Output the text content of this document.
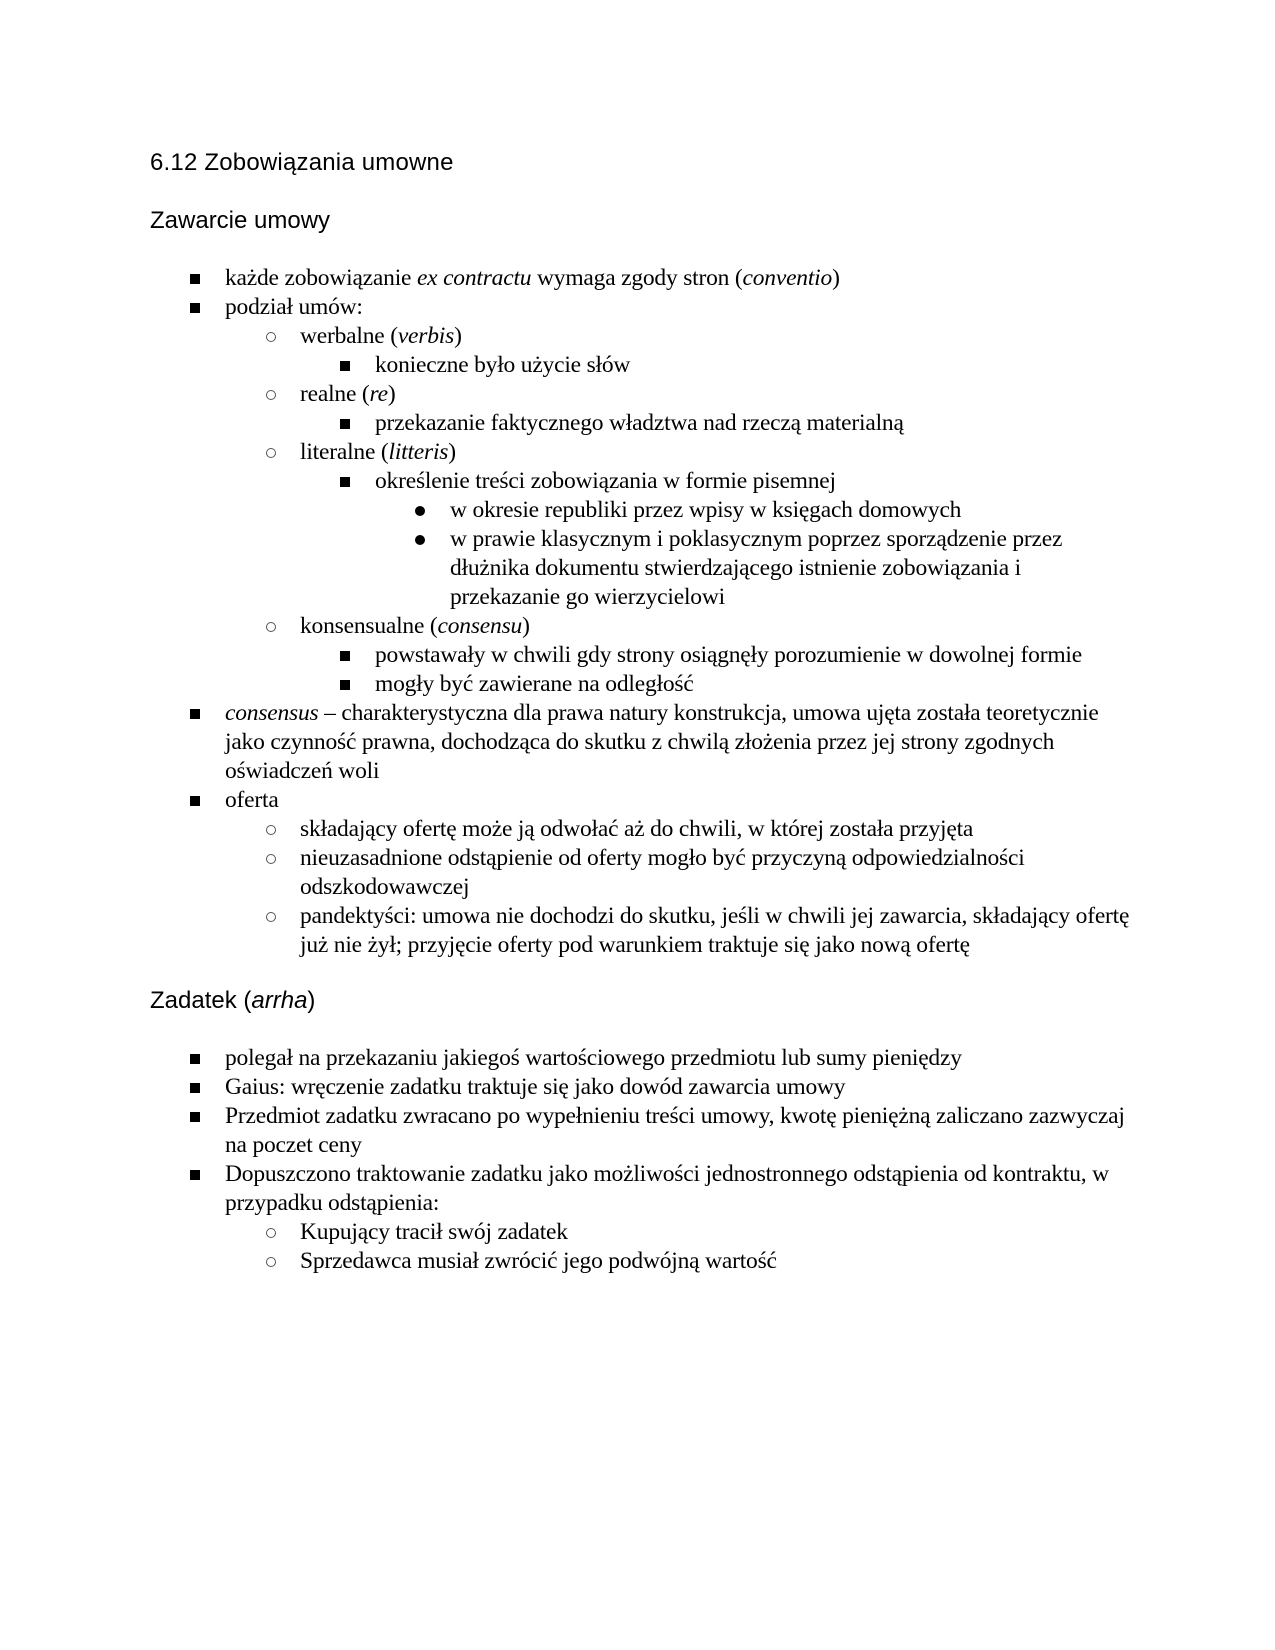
6.12 Zobowiązania umowne
Zawarcie umowy
każde zobowiązanie ex contractu wymaga zgody stron (conventio)
podział umów:
werbalne (verbis)
konieczne było użycie słów
realne (re)
przekazanie faktycznego władztwa nad rzeczą materialną
literalne (litteris)
określenie treści zobowiązania w formie pisemnej
w okresie republiki przez wpisy w księgach domowych
w prawie klasycznym i poklasycznym poprzez sporządzenie przez dłużnika dokumentu stwierdzającego istnienie zobowiązania i przekazanie go wierzycielowi
konsensualne (consensu)
powstawały w chwili gdy strony osiągnęły porozumienie w dowolnej formie
mogły być zawierane na odległość
consensus – charakterystyczna dla prawa natury konstrukcja, umowa ujęta została teoretycznie jako czynność prawna, dochodząca do skutku z chwilą złożenia przez jej strony zgodnych oświadczeń woli
oferta
składający ofertę może ją odwołać aż do chwili, w której została przyjęta
nieuzasadnione odstąpienie od oferty mogło być przyczyną odpowiedzialności odszkodowawczej
pandektyści: umowa nie dochodzi do skutku, jeśli w chwili jej zawarcia, składający ofertę już nie żył; przyjęcie oferty pod warunkiem traktuje się jako nową ofertę
Zadatek (arrha)
polegał na przekazaniu jakiegoś wartościowego przedmiotu lub sumy pieniędzy
Gaius: wręczenie zadatku traktuje się jako dowód zawarcia umowy
Przedmiot zadatku zwracano po wypełnieniu treści umowy, kwotę pieniężną zaliczano zazwyczaj na poczet ceny
Dopuszczono traktowanie zadatku jako możliwości jednostronnego odstąpienia od kontraktu, w przypadku odstąpienia:
Kupujący tracił swój zadatek
Sprzedawca musiał zwrócić jego podwójną wartość
